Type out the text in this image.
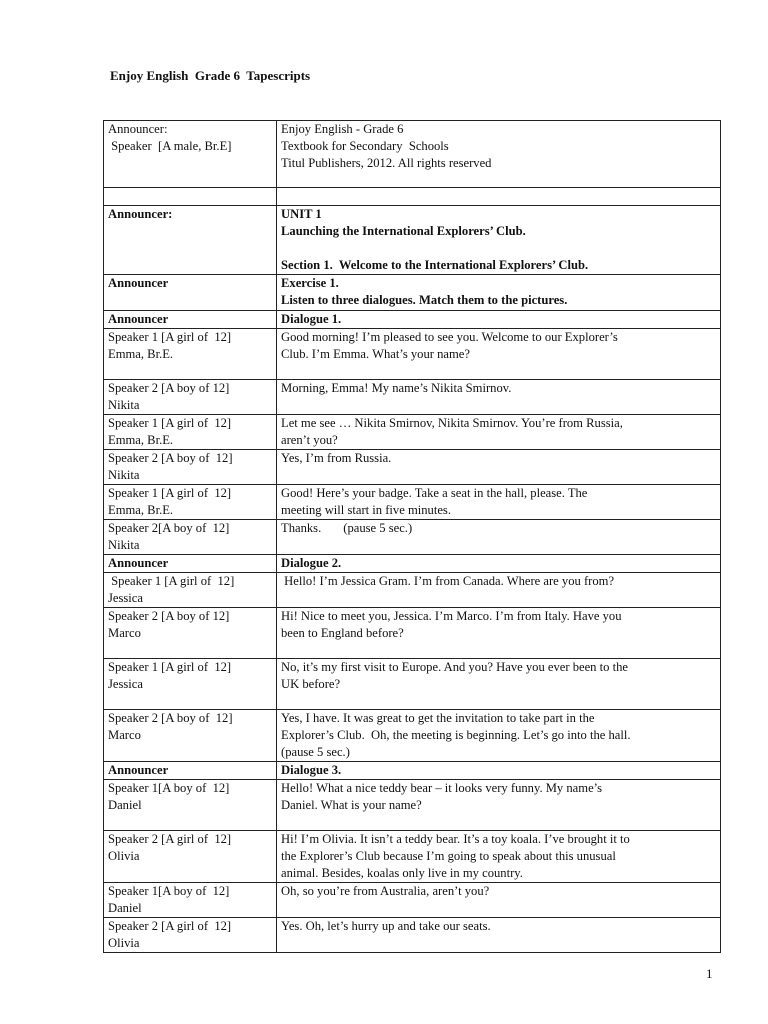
Enjoy English  Grade 6  Tapescripts
Announcer:
Speaker  [A male, Br.E]	Enjoy English - Grade 6
Textbook for Secondary  Schools
Titul Publishers, 2012. All rights reserved

Announcer:	UNIT 1
Launching the International Explorers’ Club.

Section 1.  Welcome to the International Explorers’ Club.

Announcer	Exercise 1.
Listen to three dialogues. Match them to the pictures.

Announcer	Dialogue 1.

Speaker 1 [A girl of  12]
Emma, Br.E.	Good morning! I’m pleased to see you. Welcome to our Explorer’s
Club. I’m Emma. What’s your name?

Speaker 2 [A boy of 12]
Nikita	Morning, Emma! My name’s Nikita Smirnov.

Speaker 1 [A girl of  12]
Emma, Br.E.	Let me see … Nikita Smirnov, Nikita Smirnov. You’re from Russia,
aren’t you?

Speaker 2 [A boy of  12]
Nikita	Yes, I’m from Russia.

Speaker 1 [A girl of  12]
Emma, Br.E.	Good! Here’s your badge. Take a seat in the hall, please. The
meeting will start in five minutes.

Speaker 2[A boy of  12]
Nikita	Thanks.       (pause 5 sec.)

Announcer	Dialogue 2.

Speaker 1 [A girl of  12]
Jessica	Hello! I’m Jessica Gram. I’m from Canada. Where are you from?

Speaker 2 [A boy of 12]
Marco	Hi! Nice to meet you, Jessica. I’m Marco. I’m from Italy. Have you
been to England before?

Speaker 1 [A girl of  12]
Jessica	No, it’s my first visit to Europe. And you? Have you ever been to the
UK before?

Speaker 2 [A boy of  12]
Marco	Yes, I have. It was great to get the invitation to take part in the
Explorer’s Club.  Oh, the meeting is beginning. Let’s go into the hall.
(pause 5 sec.)

Announcer	Dialogue 3.

Speaker 1[A boy of  12]
Daniel	Hello! What a nice teddy bear – it looks very funny. My name’s
Daniel. What is your name?

Speaker 2 [A girl of  12]
Olivia	Hi! I’m Olivia. It isn’t a teddy bear. It’s a toy koala. I’ve brought it to
the Explorer’s Club because I’m going to speak about this unusual
animal. Besides, koalas only live in my country.

Speaker 1[A boy of  12]
Daniel	Oh, so you’re from Australia, aren’t you?

Speaker 2 [A girl of  12]
Olivia	Yes. Oh, let’s hurry up and take our seats.
1
